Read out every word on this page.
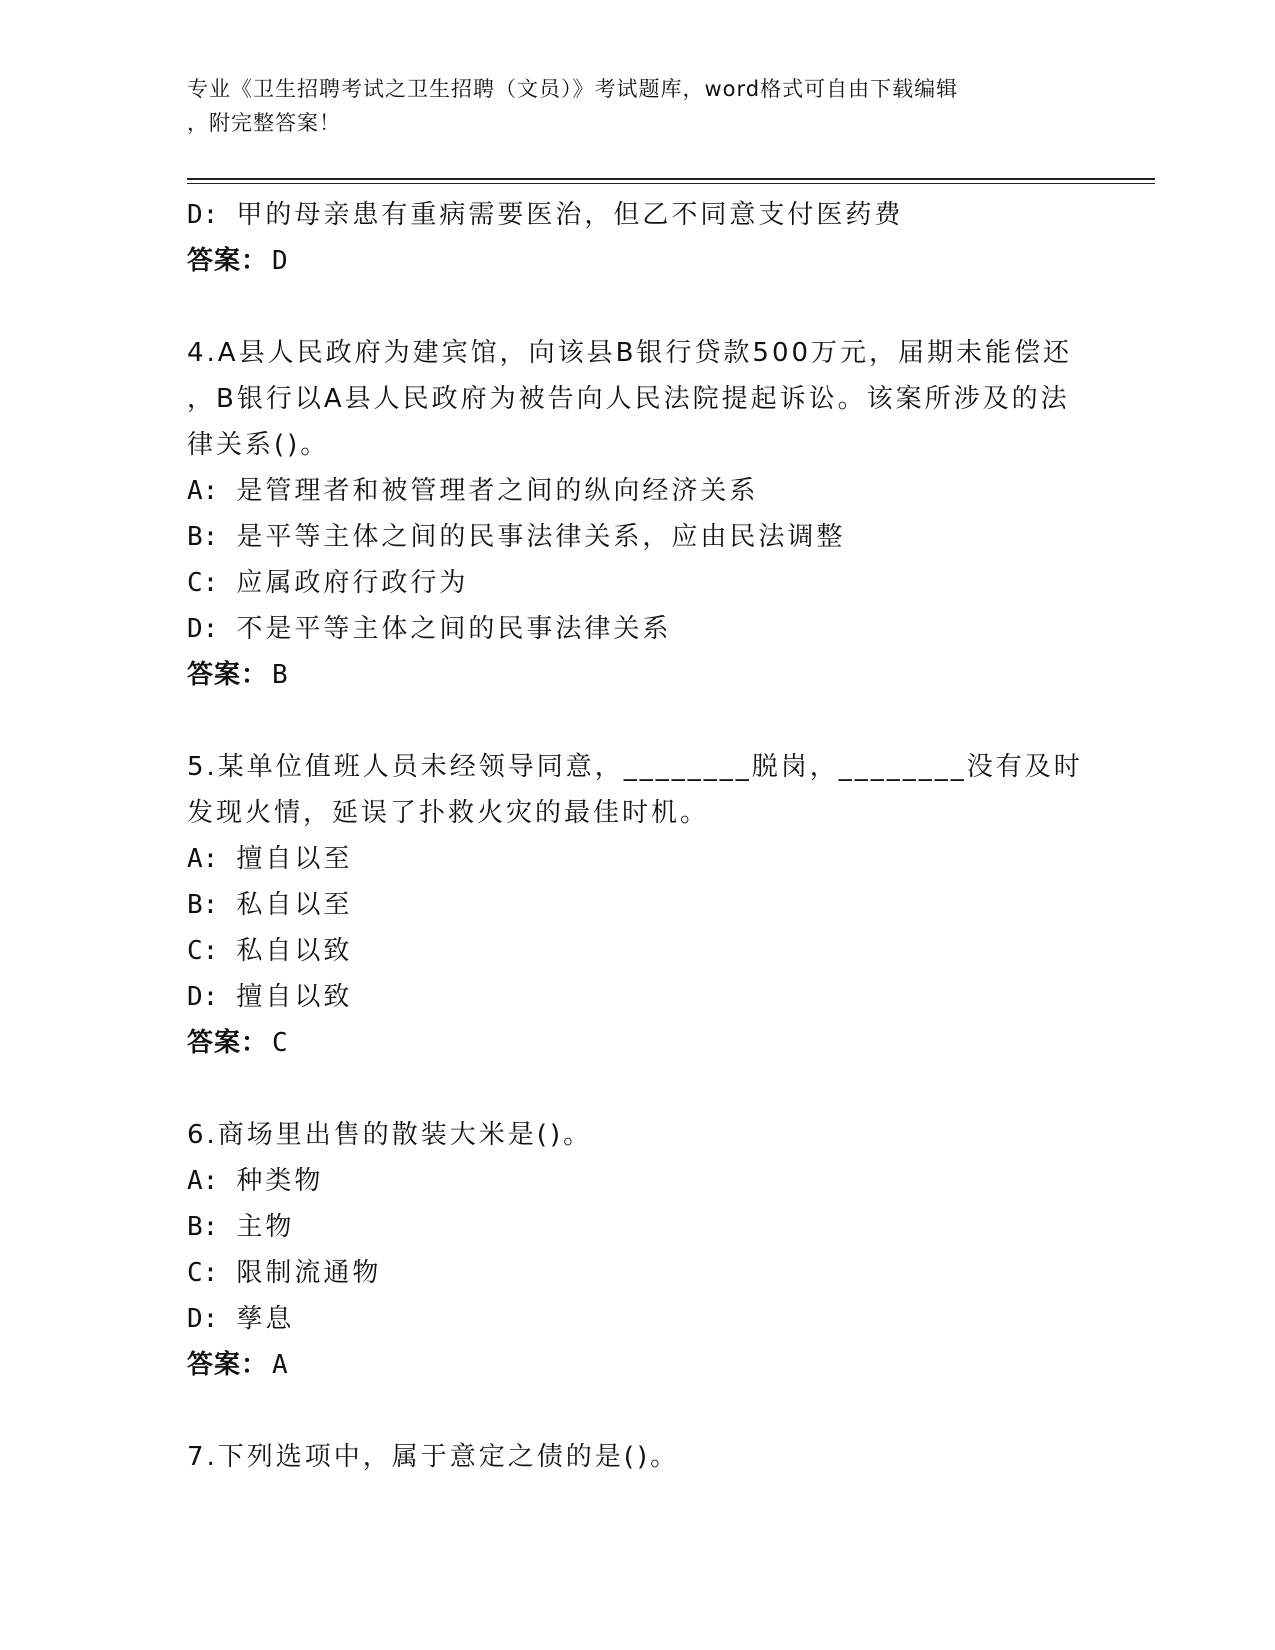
专业《卫生招聘考试之卫生招聘（文员）》考试题库，word格式可自由下载编辑
，附完整答案！
D: 甲的母亲患有重病需要医治，但乙不同意支付医药费
答案： D
4.A县人民政府为建宾馆，向该县B银行贷款500万元，届期未能偿还
，B银行以A县人民政府为被告向人民法院提起诉讼。该案所涉及的法
律关系()。
A: 是管理者和被管理者之间的纵向经济关系
B: 是平等主体之间的民事法律关系，应由民法调整
C: 应属政府行政行为
D: 不是平等主体之间的民事法律关系
答案： B
5.某单位值班人员未经领导同意，________脱岗，________没有及时
发现火情，延误了扑救火灾的最佳时机。
A: 擅自以至
B: 私自以至
C: 私自以致
D: 擅自以致
答案： C
6.商场里出售的散装大米是()。
A: 种类物
B: 主物
C: 限制流通物
D: 孳息
答案： A
7.下列选项中，属于意定之债的是()。
